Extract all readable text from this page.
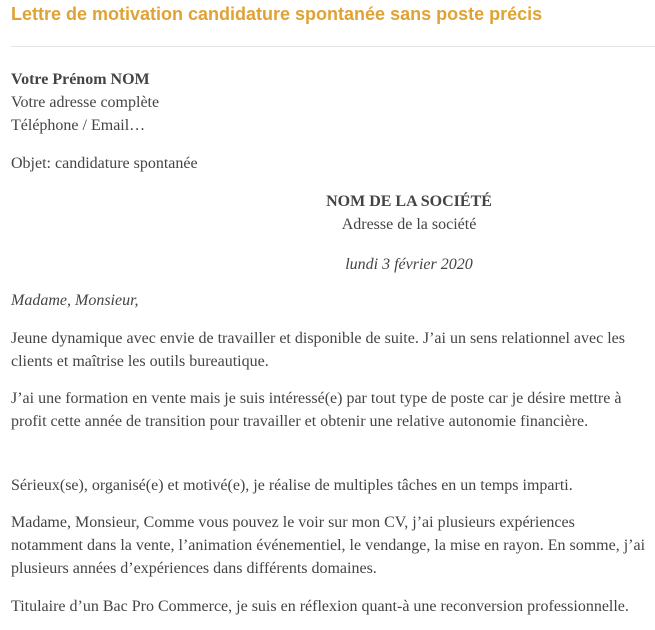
Lettre de motivation candidature spontanée sans poste précis
Votre Prénom NOM
Votre adresse complète
Téléphone / Email…
Objet: candidature spontanée
NOM DE LA SOCIÉTÉ
Adresse de la société
lundi 3 février 2020
Madame, Monsieur,

Jeune dynamique avec envie de travailler et disponible de suite. J’ai un sens relationnel avec les clients et maîtrise les outils bureautique.

J’ai une formation en vente mais je suis intéressé(e) par tout type de poste car je désire mettre à profit cette année de transition pour travailler et obtenir une relative autonomie financière.

Sérieux(se), organisé(e) et motivé(e), je réalise de multiples tâches en un temps imparti.

Madame, Monsieur, Comme vous pouvez le voir sur mon CV, j’ai plusieurs expériences notamment dans la vente, l’animation événementiel, le vendange, la mise en rayon. En somme, j’ai plusieurs années d’expériences dans différents domaines.

Titulaire d’un Bac Pro Commerce, je suis en réflexion quant-à une reconversion professionnelle.
